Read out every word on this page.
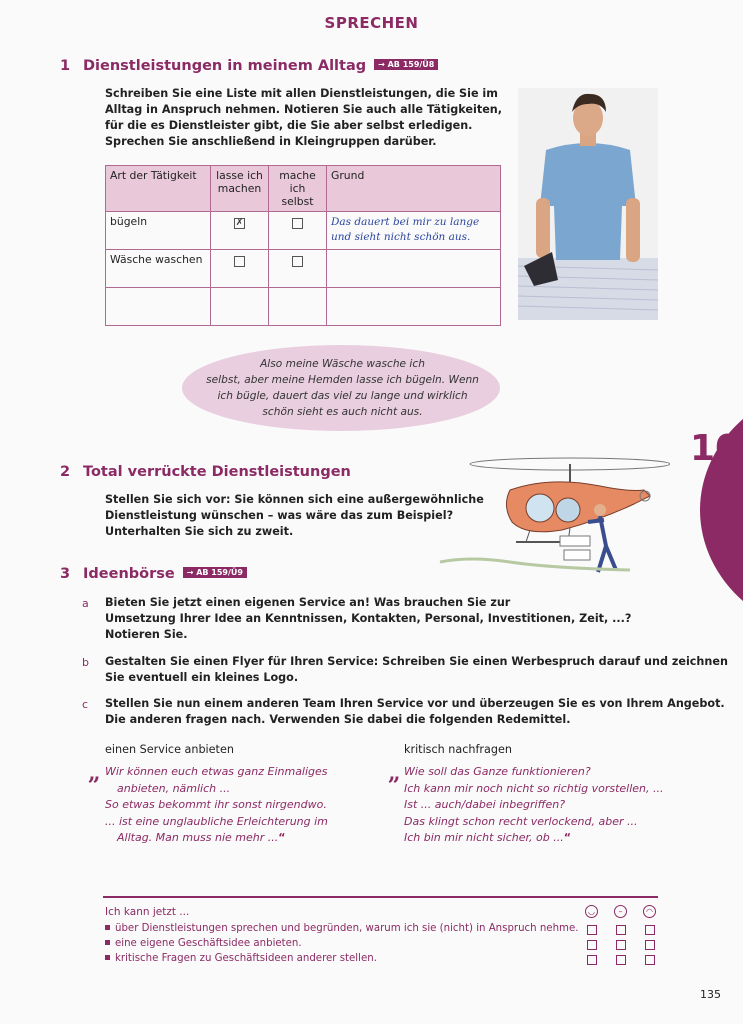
SPRECHEN
1 Dienstleistungen in meinem Alltag → AB 159/Ü8
Schreiben Sie eine Liste mit allen Dienstleistungen, die Sie im
Alltag in Anspruch nehmen. Notieren Sie auch alle Tätigkeiten,
für die es Dienstleister gibt, die Sie aber selbst erledigen.
Sprechen Sie anschließend in Kleingruppen darüber.
Art der Tätigkeit	lasse ich machen	mache ich selbst	Grund
bügeln	✗		Das dauert bei mir zu lange und sieht nicht schön aus.
Wäsche waschen			

Also meine Wäsche wasche ich
selbst, aber meine Hemden lasse ich bügeln. Wenn
ich bügle, dauert das viel zu lange und wirklich
schön sieht es auch nicht aus.
10
2 Total verrückte Dienstleistungen
Stellen Sie sich vor: Sie können sich eine außergewöhnliche
Dienstleistung wünschen – was wäre das zum Beispiel?
Unterhalten Sie sich zu zweit.
3 Ideenbörse → AB 159/Ü9
a Bieten Sie jetzt einen eigenen Service an! Was brauchen Sie zur
Umsetzung Ihrer Idee an Kenntnissen, Kontakten, Personal, Investitionen, Zeit, ...?
Notieren Sie.
b Gestalten Sie einen Flyer für Ihren Service: Schreiben Sie einen Werbespruch darauf und zeichnen
Sie eventuell ein kleines Logo.
c Stellen Sie nun einem anderen Team Ihren Service vor und überzeugen Sie es von Ihrem Angebot.
Die anderen fragen nach. Verwenden Sie dabei die folgenden Redemittel.
einen Service anbieten	kritisch nachfragen
„ Wir können euch etwas ganz Einmaliges
anbieten, nämlich ...
So etwas bekommt ihr sonst nirgendwo.
... ist eine unglaubliche Erleichterung im
Alltag. Man muss nie mehr ...“
„ Wie soll das Ganze funktionieren?
Ich kann mir noch nicht so richtig vorstellen, ...
Ist ... auch/dabei inbegriffen?
Das klingt schon recht verlockend, aber ...
Ich bin mir nicht sicher, ob ...“
Ich kann jetzt ...	◡	–	◠
über Dienstleistungen sprechen und begründen, warum ich sie (nicht) in Anspruch nehme.
eine eigene Geschäftsidee anbieten.
kritische Fragen zu Geschäftsideen anderer stellen.
135
